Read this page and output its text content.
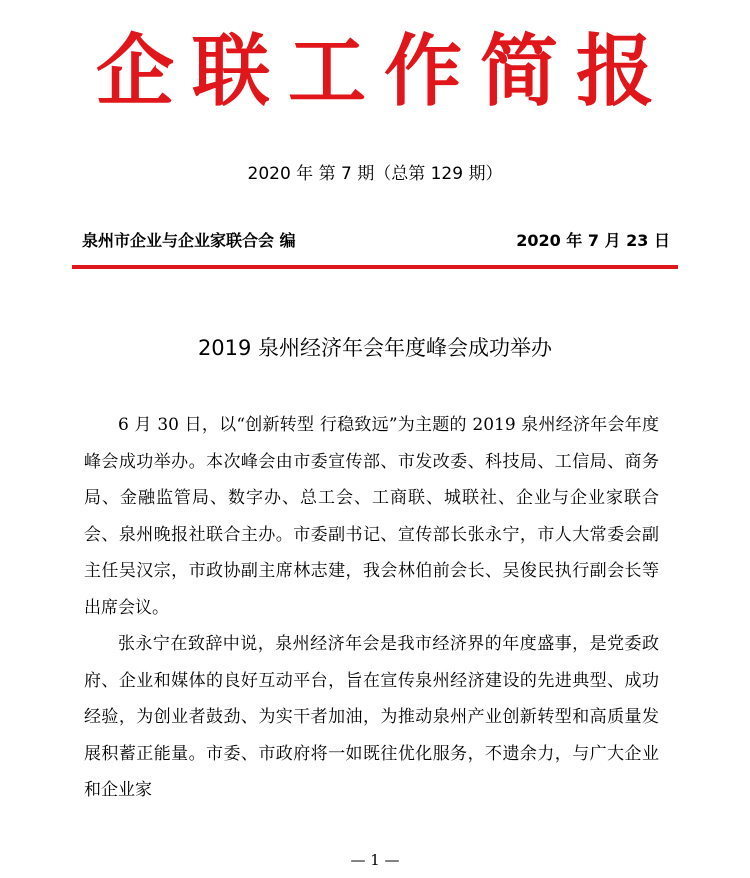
企联工作简报
2020 年 第 7 期（总第 129 期）
泉州市企业与企业家联合会 编	2020 年 7 月 23 日
2019 泉州经济年会年度峰会成功举办

6 月 30 日，以“创新转型 行稳致远”为主题的 2019 泉州经济年会年度峰会成功举办。本次峰会由市委宣传部、市发改委、科技局、工信局、商务局、金融监管局、数字办、总工会、工商联、城联社、企业与企业家联合会、泉州晚报社联合主办。市委副书记、宣传部长张永宁，市人大常委会副主任吴汉宗，市政协副主席林志建，我会林伯前会长、吴俊民执行副会长等出席会议。

张永宁在致辞中说，泉州经济年会是我市经济界的年度盛事，是党委政府、企业和媒体的良好互动平台，旨在宣传泉州经济建设的先进典型、成功经验，为创业者鼓劲、为实干者加油，为推动泉州产业创新转型和高质量发展积蓄正能量。市委、市政府将一如既往优化服务，不遗余力，与广大企业和企业家

— 1 —
